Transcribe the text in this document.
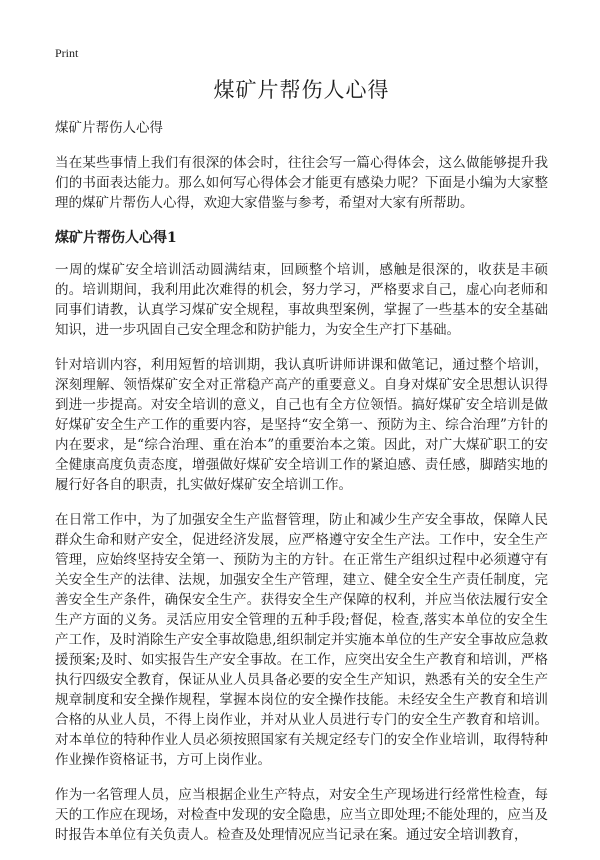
Print
煤矿片帮伤人心得
煤矿片帮伤人心得

当在某些事情上我们有很深的体会时，往往会写一篇心得体会，这么做能够提升我们的书面表达能力。那么如何写心得体会才能更有感染力呢？下面是小编为大家整理的煤矿片帮伤人心得，欢迎大家借鉴与参考，希望对大家有所帮助。

煤矿片帮伤人心得1

一周的煤矿安全培训活动圆满结束，回顾整个培训，感触是很深的，收获是丰硕的。培训期间，我利用此次难得的机会，努力学习，严格要求自己，虚心向老师和同事们请教，认真学习煤矿安全规程，事故典型案例，掌握了一些基本的安全基础知识，进一步巩固自己安全理念和防护能力，为安全生产打下基础。

针对培训内容，利用短暂的培训期，我认真听讲师讲课和做笔记，通过整个培训，深刻理解、领悟煤矿安全对正常稳产高产的重要意义。自身对煤矿安全思想认识得到进一步提高。对安全培训的意义，自己也有全方位领悟。搞好煤矿安全培训是做好煤矿安全生产工作的重要内容，是坚持“安全第一、预防为主、综合治理”方针的内在要求，是“综合治理、重在治本”的重要治本之策。因此，对广大煤矿职工的安全健康高度负责态度，增强做好煤矿安全培训工作的紧迫感、责任感，脚踏实地的履行好各自的职责，扎实做好煤矿安全培训工作。

在日常工作中，为了加强安全生产监督管理，防止和减少生产安全事故，保障人民群众生命和财产安全，促进经济发展，应严格遵守安全生产法。工作中，安全生产管理，应始终坚持安全第一、预防为主的方针。在正常生产组织过程中必须遵守有关安全生产的法律、法规，加强安全生产管理，建立、健全安全生产责任制度，完善安全生产条件，确保安全生产。获得安全生产保障的权利，并应当依法履行安全生产方面的义务。灵活应用安全管理的五种手段;督促，检查,落实本单位的安全生产工作，及时消除生产安全事故隐患,组织制定并实施本单位的生产安全事故应急救援预案;及时、如实报告生产安全事故。在工作，应突出安全生产教育和培训，严格执行四级安全教育，保证从业人员具备必要的安全生产知识，熟悉有关的安全生产规章制度和安全操作规程，掌握本岗位的安全操作技能。未经安全生产教育和培训合格的从业人员，不得上岗作业，并对从业人员进行专门的安全生产教育和培训。对本单位的特种作业人员必须按照国家有关规定经专门的安全作业培训，取得特种作业操作资格证书，方可上岗作业。

作为一名管理人员，应当根据企业生产特点，对安全生产现场进行经常性检查，每天的工作应在现场，对检查中发现的安全隐患，应当立即处理;不能处理的，应当及时报告本单位有关负责人。检查及处理情况应当记录在案。通过安全培训教育，
